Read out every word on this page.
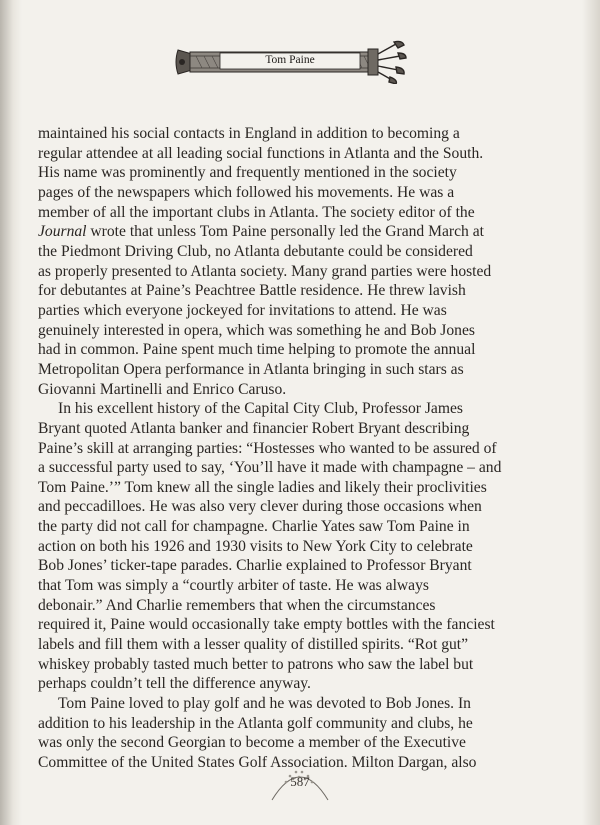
Tom Paine
maintained his social contacts in England in addition to becoming a
regular attendee at all leading social functions in Atlanta and the South.
His name was prominently and frequently mentioned in the society
pages of the newspapers which followed his movements. He was a
member of all the important clubs in Atlanta. The society editor of the
Journal wrote that unless Tom Paine personally led the Grand March at
the Piedmont Driving Club, no Atlanta debutante could be considered
as properly presented to Atlanta society. Many grand parties were hosted
for debutantes at Paine’s Peachtree Battle residence. He threw lavish
parties which everyone jockeyed for invitations to attend. He was
genuinely interested in opera, which was something he and Bob Jones
had in common. Paine spent much time helping to promote the annual
Metropolitan Opera performance in Atlanta bringing in such stars as
Giovanni Martinelli and Enrico Caruso.
In his excellent history of the Capital City Club, Professor James
Bryant quoted Atlanta banker and financier Robert Bryant describing
Paine’s skill at arranging parties: “Hostesses who wanted to be assured of
a successful party used to say, ‘You’ll have it made with champagne – and
Tom Paine.’” Tom knew all the single ladies and likely their proclivities
and peccadilloes. He was also very clever during those occasions when
the party did not call for champagne. Charlie Yates saw Tom Paine in
action on both his 1926 and 1930 visits to New York City to celebrate
Bob Jones’ ticker-tape parades. Charlie explained to Professor Bryant
that Tom was simply a “courtly arbiter of taste. He was always
debonair.” And Charlie remembers that when the circumstances
required it, Paine would occasionally take empty bottles with the fanciest
labels and fill them with a lesser quality of distilled spirits. “Rot gut”
whiskey probably tasted much better to patrons who saw the label but
perhaps couldn’t tell the difference anyway.
Tom Paine loved to play golf and he was devoted to Bob Jones. In
addition to his leadership in the Atlanta golf community and clubs, he
was only the second Georgian to become a member of the Executive
Committee of the United States Golf Association. Milton Dargan, also
587
